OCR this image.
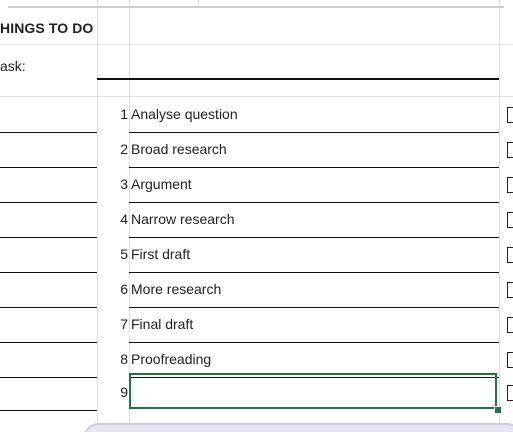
HINGS TO DO
ask:
1 Analyse question
2 Broad research
3 Argument
4 Narrow research
5 First draft
6 More research
7 Final draft
8 Proofreading
9
